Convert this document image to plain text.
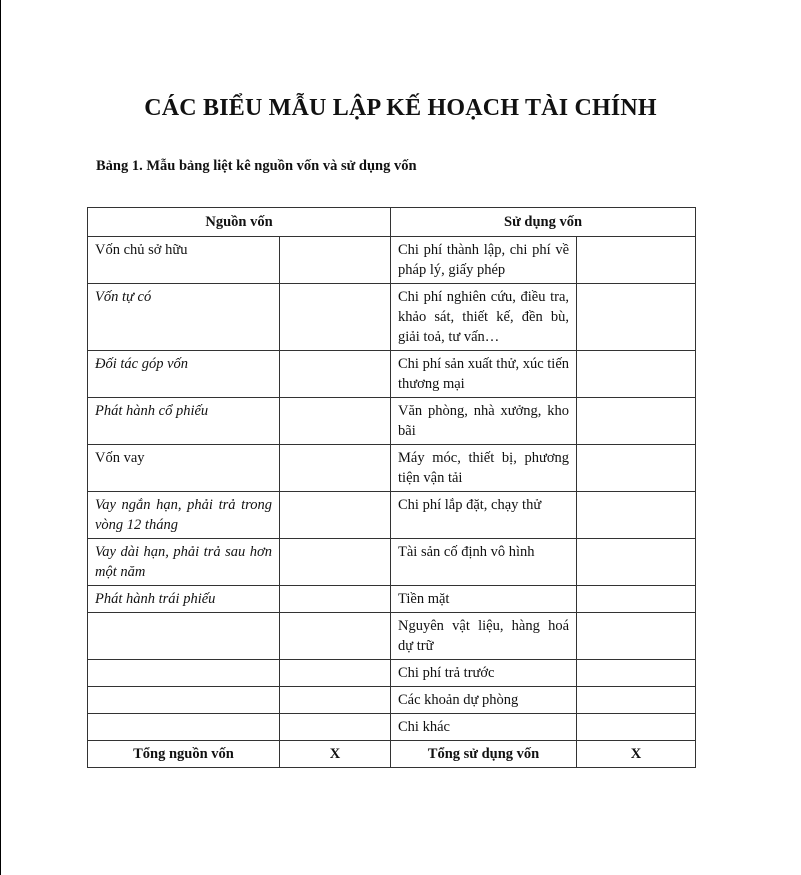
CÁC BIỂU MẪU LẬP KẾ HOẠCH TÀI CHÍNH

Bảng 1. Mẫu bảng liệt kê nguồn vốn và sử dụng vốn

Nguồn vốn		Sử dụng vốn	
Vốn chủ sở hữu		Chi phí thành lập, chi phí về pháp lý, giấy phép	
Vốn tự có		Chi phí nghiên cứu, điều tra, khảo sát, thiết kế, đền bù, giải toả, tư vấn…	
Đối tác góp vốn		Chi phí sản xuất thử, xúc tiến thương mại	
Phát hành cổ phiếu		Văn phòng, nhà xưởng, kho bãi	
Vốn vay		Máy móc, thiết bị, phương tiện vận tải	
Vay ngắn hạn, phải trả trong vòng 12 tháng		Chi phí lắp đặt, chạy thử	
Vay dài hạn, phải trả sau hơn một năm		Tài sản cố định vô hình	
Phát hành trái phiếu		Tiền mặt	
		Nguyên vật liệu, hàng hoá dự trữ	
		Chi phí trả trước	
		Các khoản dự phòng	
		Chi khác	
Tổng nguồn vốn	X	Tổng sử dụng vốn	X
